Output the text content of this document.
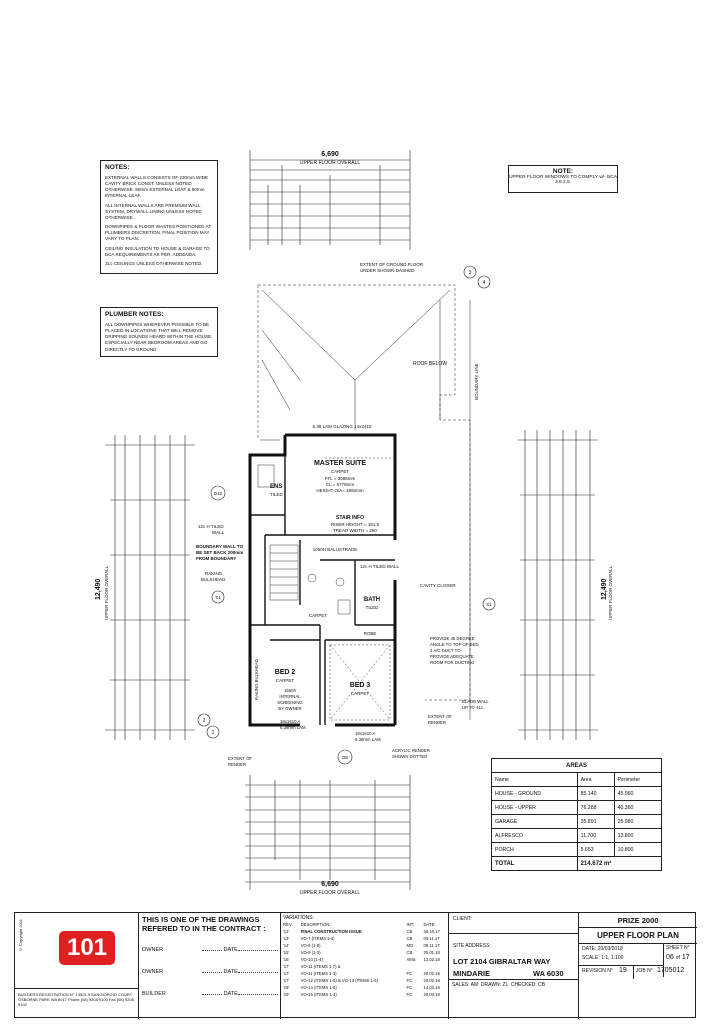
NOTES:

EXTERNAL WALLS CONSISTS OF 230mm WIDE CAVITY BRICK CONST. UNLESS NOTED OTHERWISE. 90mm EXTERNAL LEAF & 90mm INTERNAL LEAF.

ALL INTERNAL WALLS ARE PREMIUM WALL SYSTEM, DRYWALL LINING UNLESS NOTED OTHERWISE.

DOWNPIPES & FLOOR WASTES POSITIONED AT PLUMBERS DISCRETION. FINAL POSITION MAY VARY TO PLAN.

CEILING INSULATION TO HOUSE & GARAGE TO BCA REQUIREMENTS AS PER. ADDENDA.

31c CEILINGS UNLESS OTHERWISE NOTED.

NOTE:
UPPER FLOOR WINDOWS TO COMPLY w/- BCA 3.8.2.5.
PLUMBER NOTES:
ALL DOWNPIPES WHEREVER POSSIBLE TO BE PLACED IN LOCATIONS THAT WILL REMOVE DRIPPING SOUNDS HEARD WITHIN THE HOUSE. ESPECIALLY NEAR BEDROOM AREAS AND GO DIRECTLY TO GROUND
6,690
UPPER FLOOR OVERALL
EXTENT OF GROUND FLOOR
UNDER SHOWN DASHED
ROOF BELOW	BOUNDARY LINE
6.38 LAM GLAZING 14x2410
MASTER SUITE
CARPET
FFL = 3086mm
CL = 5778mm
HEIGHT O/A= 2692mm
ENS
TILED
STAIR INFO
RISER HEIGHT = 181.5
TREAD WIDTH = 250
1050H BALUSTRADE
12c H TILED WALL
BATH
TILED
CARPET
ROBE
BED 2
CARPET
1650h
INTERNAL
SCREENING
BY OWNER
BED 3
CARPET
RAKING BULKHEAD
BOUNDARY WALL TO
BE SET BACK 200mm
FROM BOUNDARY
RAKING
BULKHEAD
12c H TILED
WALL
CAVITY CLOSER
PROVIDE 45 DEGREE
ANGLE TO TOP OF BED
3 A/C DUCT TO
PROVIDE ADEQUATE
ROOM FOR DUCTING
BLADE WALL
UP TO 41c
EXTENT OF
RENDER
EXTENT OF
RENDER
ACRYLIC RENDER
SHOWN DOTTED
18x1610 A
6.38mm LAM
18x1610 A
6.38mm LAM
D12
D8
S1
S1
3
4
2
1
12,490 UPPER FLOOR OVERALL	12,490 UPPER FLOOR OVERALL
6,690
UPPER FLOOR OVERALL
AREAS		
Name	Area	Perimeter
HOUSE - GROUND	85.140	45.960
HOUSE - UPPER	76.288	40.360
GARAGE	35.891	25.980
ALFRESCO	11.700	13.800
PORCH	5.653	10.800
TOTAL	214.672 m²	
© Copyright 2011	101
BUILDERS REGISTRATION N° 13521 9 SANGIORGIO COURT OSBORNE PARK WA 6017 Phone (08) 9208 9100 Fax (08) 9208 9102
THIS IS ONE OF THE DRAWINGS REFERED TO IN THE CONTRACT :
OWNER	DATE
OWNER	DATE
BUILDER	DATE
VARIATIONS:
REV:	DESCRIPTION:	INT:	DATE:
'12'	FINAL CONSTRUCTION ISSUE	CB	26.10.17
'13'	VO-7 (ITEMS 1-4)	CB	03.11.17
'14'	VO-8 (1-9)	MG	09.11.17
'15'	VO-9 (1-3)	CB	25.01.18
'16'	VO-10 (1-4)	AMS	13.02.18
'17'	VO-11 (ITEMS 1-7) &		
'17'	VO-11 (ITEMS 1-3)	FC	20.02.18
'17'	VO-12 (ITEMS 1-5) & VO-13 (ITEMS 1-6)	FC	20.02.18
'18'	VO-14 (ITEMS 1-6)	FC	14.03.18
'19'	VO-15 (ITEMS 1-4)	FC	20.03.18
CLIENT:
SITE ADDRESS:
LOT 2104 GIBRALTAR WAY
MINDARIE	WA 6030
SALES: AM DRAWN: ZL CHECKED: CB
PRIZE 2000
UPPER FLOOR PLAN
DATE: 20/03/2018	SHEET N°
06 of 17
SCALE: 1:1, 1:100
REVISION N° 19 JOB N° 1705012
